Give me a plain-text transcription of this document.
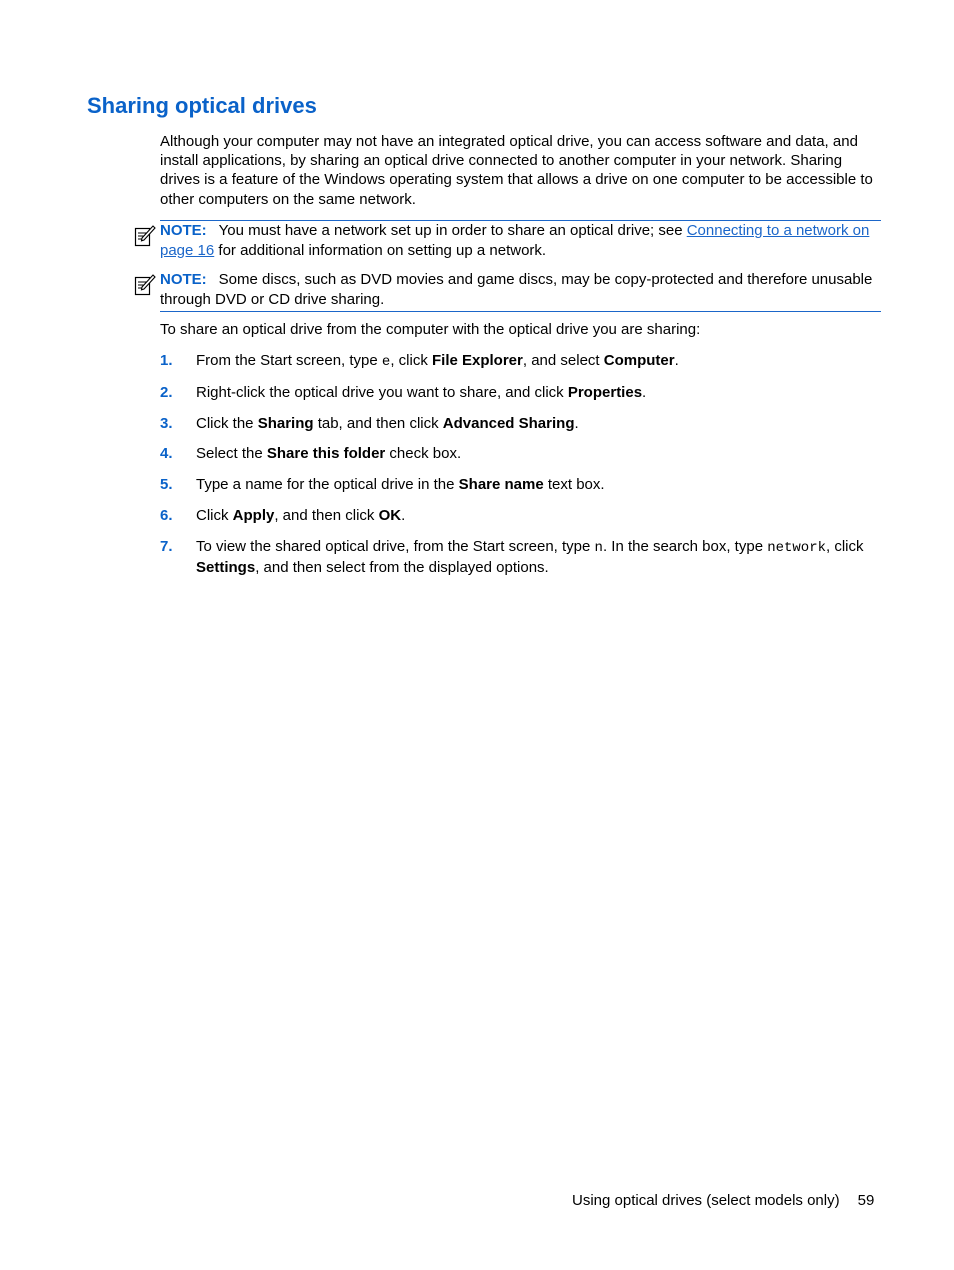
Sharing optical drives

Although your computer may not have an integrated optical drive, you can access software and data, and install applications, by sharing an optical drive connected to another computer in your network. Sharing drives is a feature of the Windows operating system that allows a drive on one computer to be accessible to other computers on the same network.

NOTE: You must have a network set up in order to share an optical drive; see Connecting to a network on page 16 for additional information on setting up a network.
NOTE: Some discs, such as DVD movies and game discs, may be copy-protected and therefore unusable through DVD or CD drive sharing.

To share an optical drive from the computer with the optical drive you are sharing:

1. From the Start screen, type e, click File Explorer, and select Computer.
2. Right-click the optical drive you want to share, and click Properties.
3. Click the Sharing tab, and then click Advanced Sharing.
4. Select the Share this folder check box.
5. Type a name for the optical drive in the Share name text box.
6. Click Apply, and then click OK.
7. To view the shared optical drive, from the Start screen, type n. In the search box, type network, click Settings, and then select from the displayed options.
Using optical drives (select models only) 59
